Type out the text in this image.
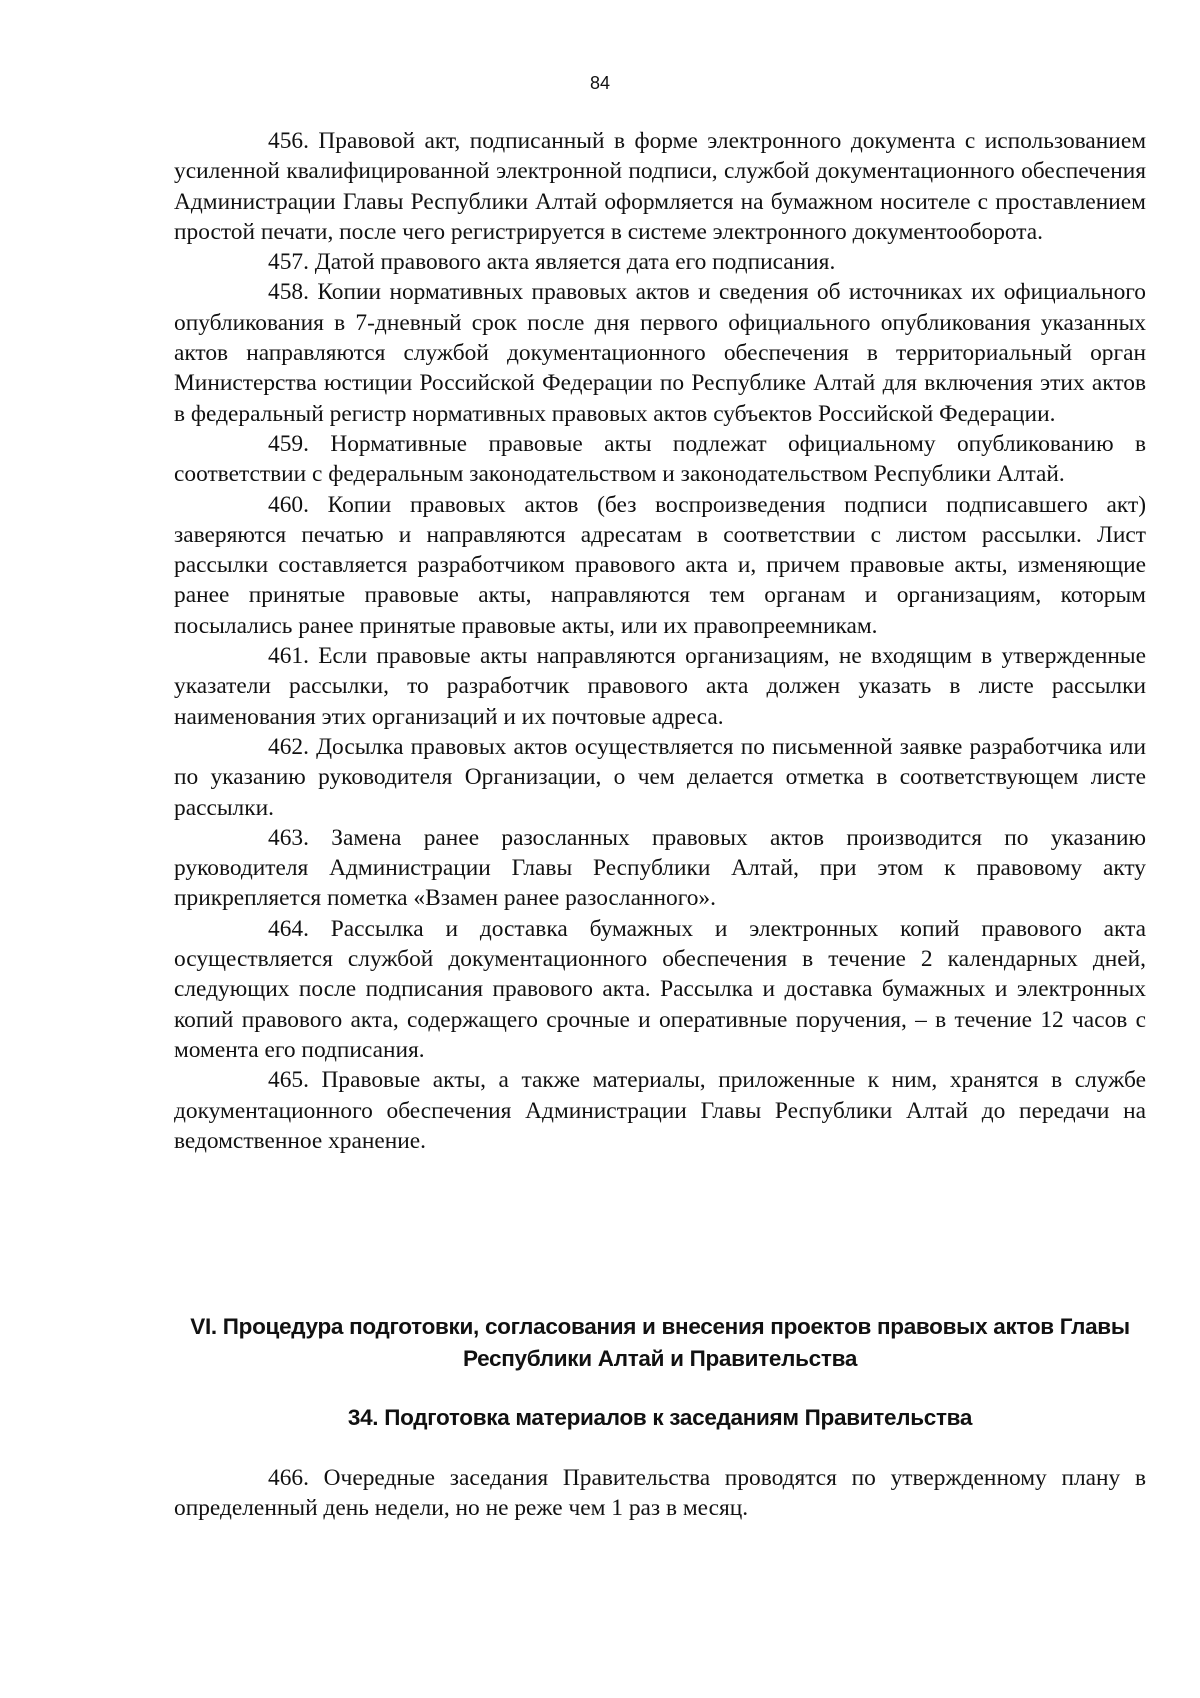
84

456. Правовой акт, подписанный в форме электронного документа с использованием усиленной квалифицированной электронной подписи, службой документационного обеспечения Администрации Главы Республики Алтай оформляется на бумажном носителе с проставлением простой печати, после чего регистрируется в системе электронного документооборота.

457. Датой правового акта является дата его подписания.

458. Копии нормативных правовых актов и сведения об источниках их официального опубликования в 7-дневный срок после дня первого официального опубликования указанных актов направляются службой документационного обеспечения в территориальный орган Министерства юстиции Российской Федерации по Республике Алтай для включения этих актов в федеральный регистр нормативных правовых актов субъектов Российской Федерации.

459. Нормативные правовые акты подлежат официальному опубликованию в соответствии с федеральным законодательством и законодательством Республики Алтай.

460. Копии правовых актов (без воспроизведения подписи подписавшего акт) заверяются печатью и направляются адресатам в соответствии с листом рассылки. Лист рассылки составляется разработчиком правового акта и, причем правовые акты, изменяющие ранее принятые правовые акты, направляются тем органам и организациям, которым посылались ранее принятые правовые акты, или их правопреемникам.

461. Если правовые акты направляются организациям, не входящим в утвержденные указатели рассылки, то разработчик правового акта должен указать в листе рассылки наименования этих организаций и их почтовые адреса.

462. Досылка правовых актов осуществляется по письменной заявке разработчика или по указанию руководителя Организации, о чем делается отметка в соответствующем листе рассылки.

463. Замена ранее разосланных правовых актов производится по указанию руководителя Администрации Главы Республики Алтай, при этом к правовому акту прикрепляется пометка «Взамен ранее разосланного».

464. Рассылка и доставка бумажных и электронных копий правового акта осуществляется службой документационного обеспечения в течение 2 календарных дней, следующих после подписания правового акта. Рассылка и доставка бумажных и электронных копий правового акта, содержащего срочные и оперативные поручения, – в течение 12 часов с момента его подписания.

465. Правовые акты, а также материалы, приложенные к ним, хранятся в службе документационного обеспечения Администрации Главы Республики Алтай до передачи на ведомственное хранение.

VI. Процедура подготовки, согласования и внесения проектов правовых актов Главы Республики Алтай и Правительства
34. Подготовка материалов к заседаниям Правительства

466. Очередные заседания Правительства проводятся по утвержденному плану в определенный день недели, но не реже чем 1 раз в месяц.
